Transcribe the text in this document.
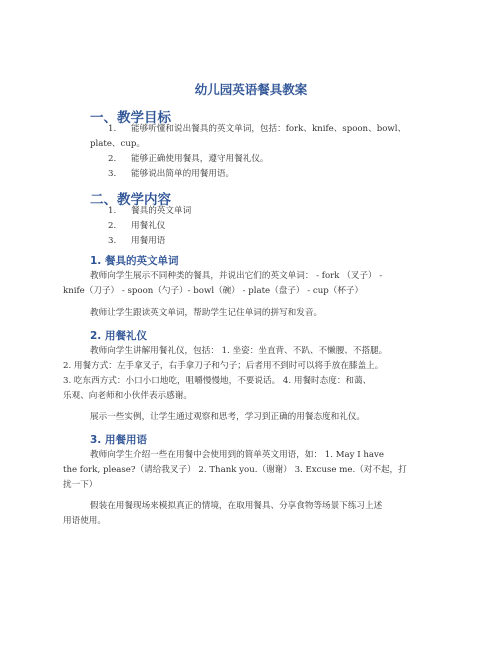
幼儿园英语餐具教案
一、教学目标
1. 能够听懂和说出餐具的英文单词，包括：fork、knife、spoon、bowl、
plate、cup。
2. 能够正确使用餐具，遵守用餐礼仪。
3. 能够说出简单的用餐用语。
二、教学内容
1. 餐具的英文单词
2. 用餐礼仪
3. 用餐用语
1. 餐具的英文单词
教师向学生展示不同种类的餐具，并说出它们的英文单词： - fork （叉子） -
knife（刀子） - spoon（勺子）- bowl（碗） - plate（盘子） - cup（杯子）
教师让学生跟读英文单词，帮助学生记住单词的拼写和发音。
2. 用餐礼仪
教师向学生讲解用餐礼仪，包括： 1. 坐姿：坐直背、不趴、不懒腰、不搭腿。
2. 用餐方式：左手拿叉子，右手拿刀子和勺子；后者用不到时可以将手放在膝盖上。
3. 吃东西方式：小口小口地吃，咀嚼慢慢地，不要说话。 4. 用餐时态度：和蔼、
乐观、向老师和小伙伴表示感谢。
展示一些实例，让学生通过观察和思考，学习到正确的用餐态度和礼仪。
3. 用餐用语
教师向学生介绍一些在用餐中会使用到的简单英文用语，如： 1. May I have
the fork, please?（请给我叉子） 2. Thank you.（谢谢） 3. Excuse me.（对不起，打
扰一下）
假装在用餐现场来模拟真正的情境，在取用餐具、分享食物等场景下练习上述
用语使用。
